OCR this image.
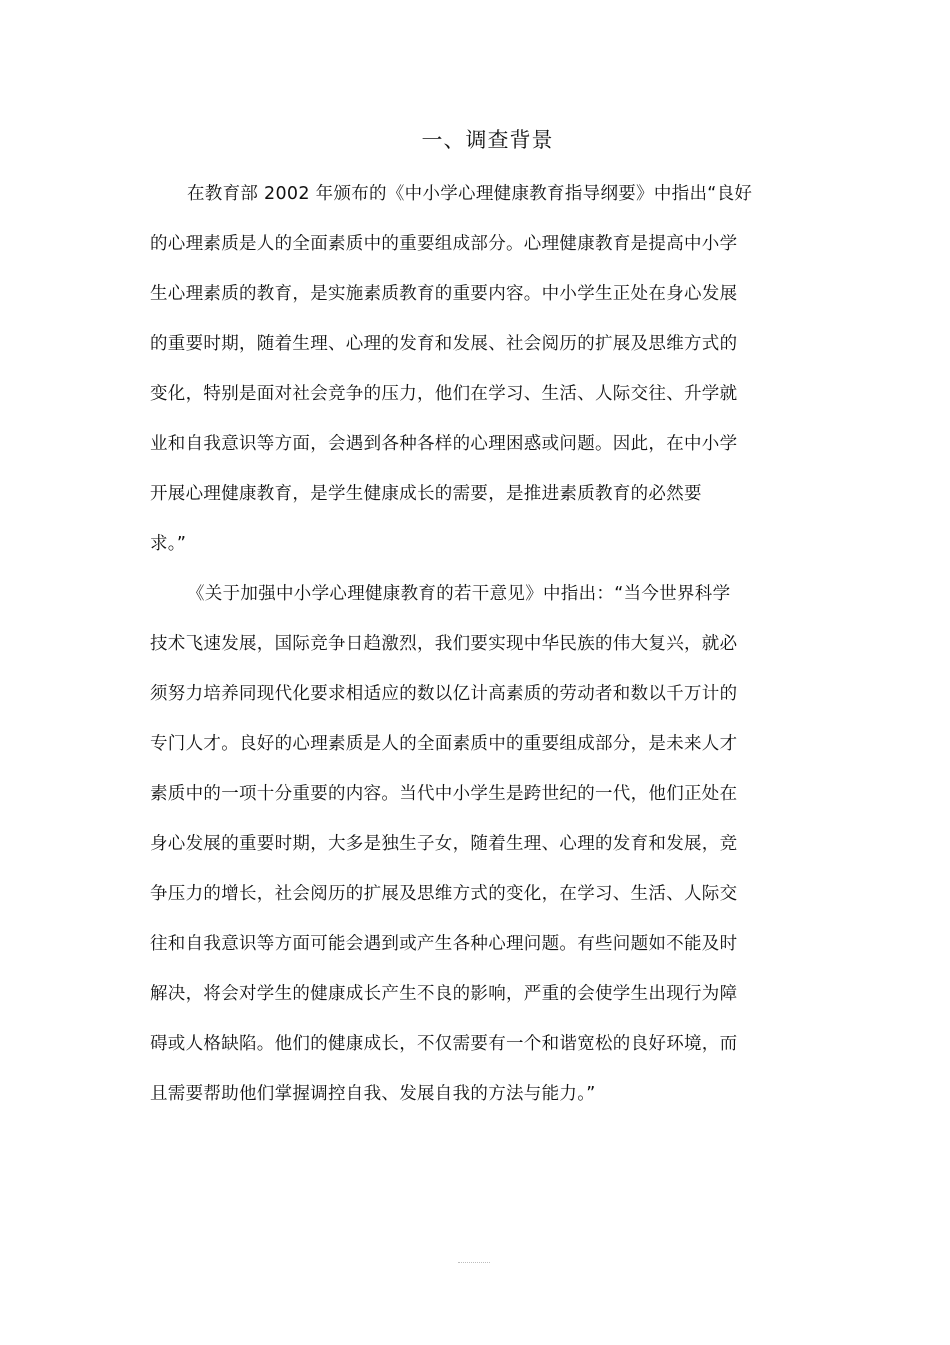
一、调查背景
在教育部 2002 年颁布的《中小学心理健康教育指导纲要》中指出“良好
的心理素质是人的全面素质中的重要组成部分。心理健康教育是提高中小学
生心理素质的教育，是实施素质教育的重要内容。中小学生正处在身心发展
的重要时期，随着生理、心理的发育和发展、社会阅历的扩展及思维方式的
变化，特别是面对社会竞争的压力，他们在学习、生活、人际交往、升学就
业和自我意识等方面，会遇到各种各样的心理困惑或问题。因此，在中小学
开展心理健康教育，是学生健康成长的需要，是推进素质教育的必然要
求。”
《关于加强中小学心理健康教育的若干意见》中指出：“当今世界科学
技术飞速发展，国际竞争日趋激烈，我们要实现中华民族的伟大复兴，就必
须努力培养同现代化要求相适应的数以亿计高素质的劳动者和数以千万计的
专门人才。良好的心理素质是人的全面素质中的重要组成部分，是未来人才
素质中的一项十分重要的内容。当代中小学生是跨世纪的一代，他们正处在
身心发展的重要时期，大多是独生子女，随着生理、心理的发育和发展，竞
争压力的增长，社会阅历的扩展及思维方式的变化，在学习、生活、人际交
往和自我意识等方面可能会遇到或产生各种心理问题。有些问题如不能及时
解决，将会对学生的健康成长产生不良的影响，严重的会使学生出现行为障
碍或人格缺陷。他们的健康成长，不仅需要有一个和谐宽松的良好环境，而
且需要帮助他们掌握调控自我、发展自我的方法与能力。”
